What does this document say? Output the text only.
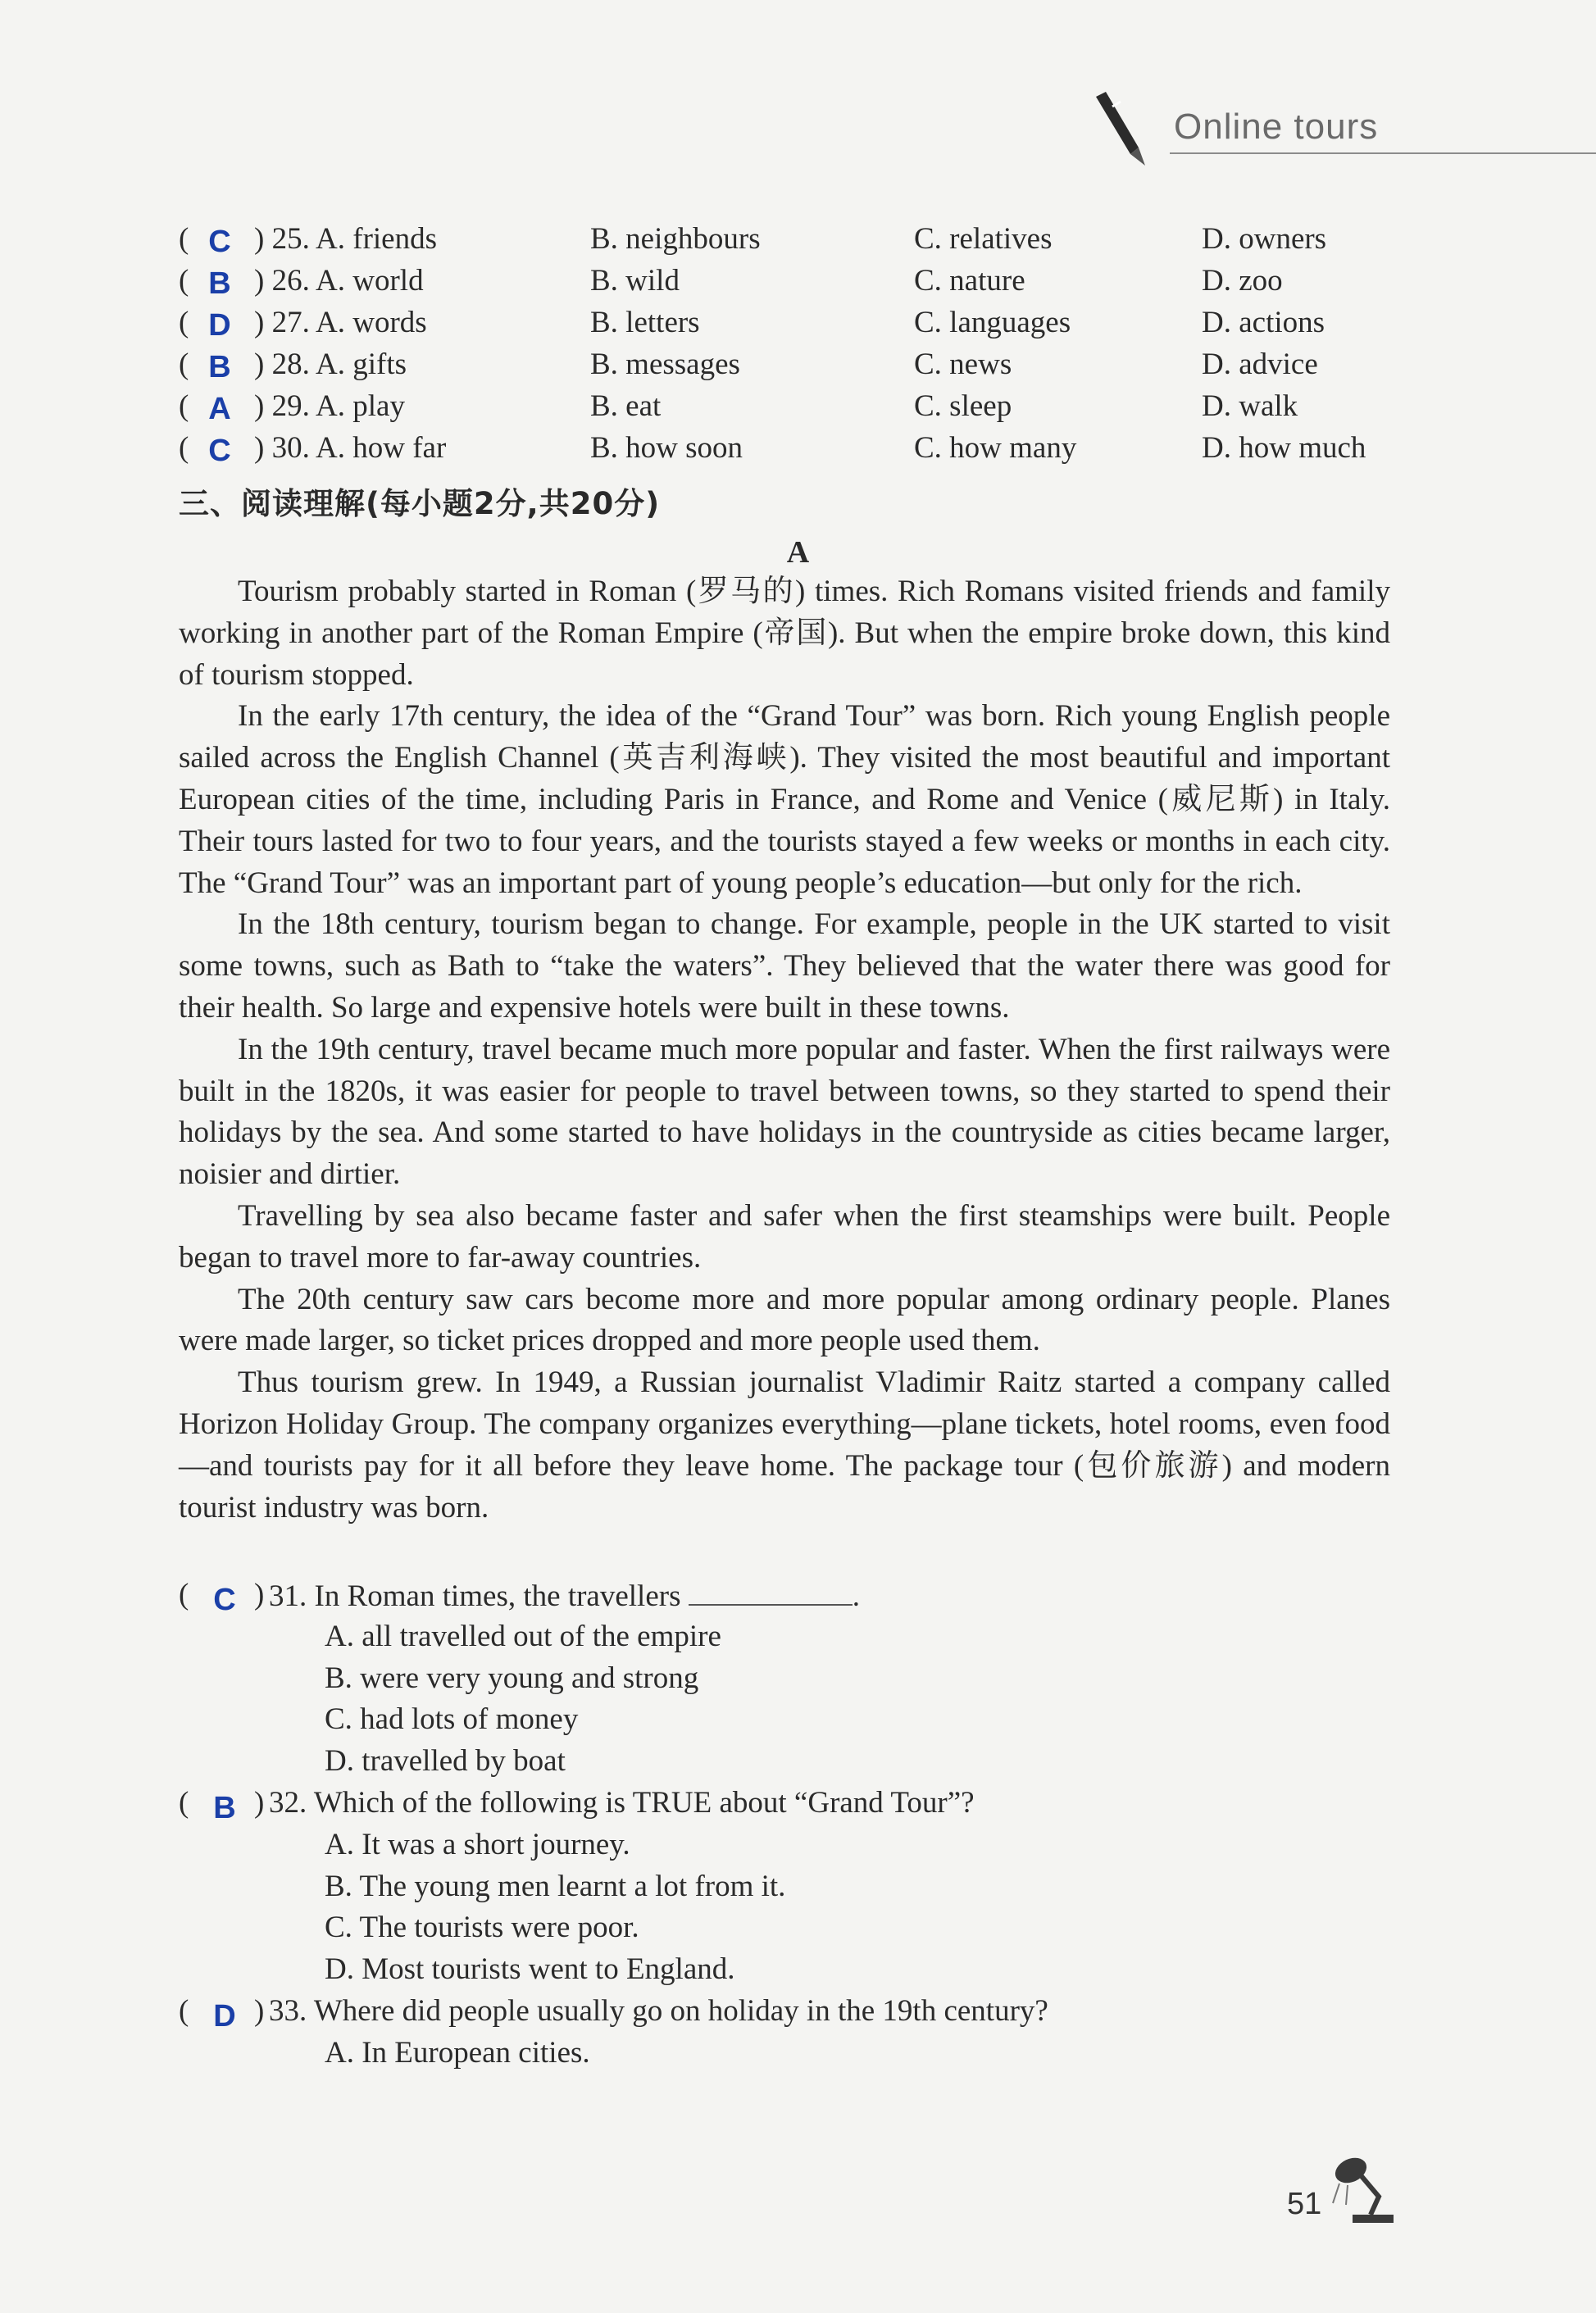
Online tours
( C ) 25. A. friends	B. neighbours	C. relatives	D. owners
( B ) 26. A. world	B. wild	C. nature	D. zoo
( D ) 27. A. words	B. letters	C. languages	D. actions
( B ) 28. A. gifts	B. messages	C. news	D. advice
( A ) 29. A. play	B. eat	C. sleep	D. walk
( C ) 30. A. how far	B. how soon	C. how many	D. how much
三、阅读理解(每小题2分,共20分)
A

Tourism probably started in Roman (罗马的) times. Rich Romans visited friends and family working in another part of the Roman Empire (帝国). But when the empire broke down, this kind of tourism stopped.

In the early 17th century, the idea of the “Grand Tour” was born. Rich young English people sailed across the English Channel (英吉利海峡). They visited the most beautiful and important European cities of the time, including Paris in France, and Rome and Venice (威尼斯) in Italy. Their tours lasted for two to four years, and the tourists stayed a few weeks or months in each city. The “Grand Tour” was an important part of young people’s education—but only for the rich.

In the 18th century, tourism began to change. For example, people in the UK started to visit some towns, such as Bath to “take the waters”. They believed that the water there was good for their health. So large and expensive hotels were built in these towns.

In the 19th century, travel became much more popular and faster. When the first railways were built in the 1820s, it was easier for people to travel between towns, so they started to spend their holidays by the sea. And some started to have holidays in the countryside as cities became larger, noisier and dirtier.

Travelling by sea also became faster and safer when the first steamships were built. People began to travel more to far-away countries.

The 20th century saw cars become more and more popular among ordinary people. Planes were made larger, so ticket prices dropped and more people used them.

Thus tourism grew. In 1949, a Russian journalist Vladimir Raitz started a company called Horizon Holiday Group. The company organizes everything—plane tickets, hotel rooms, even food—and tourists pay for it all before they leave home. The package tour (包价旅游) and modern tourist industry was born.

( )
C	31. In Roman times, the travellers	.
A. all travelled out of the empire
B. were very young and strong
C. had lots of money
D. travelled by boat
( )
B	32. Which of the following is TRUE about “Grand Tour”?
A. It was a short journey.
B. The young men learnt a lot from it.
C. The tourists were poor.
D. Most tourists went to England.
( )
D	33. Where did people usually go on holiday in the 19th century?
A. In European cities.
51
